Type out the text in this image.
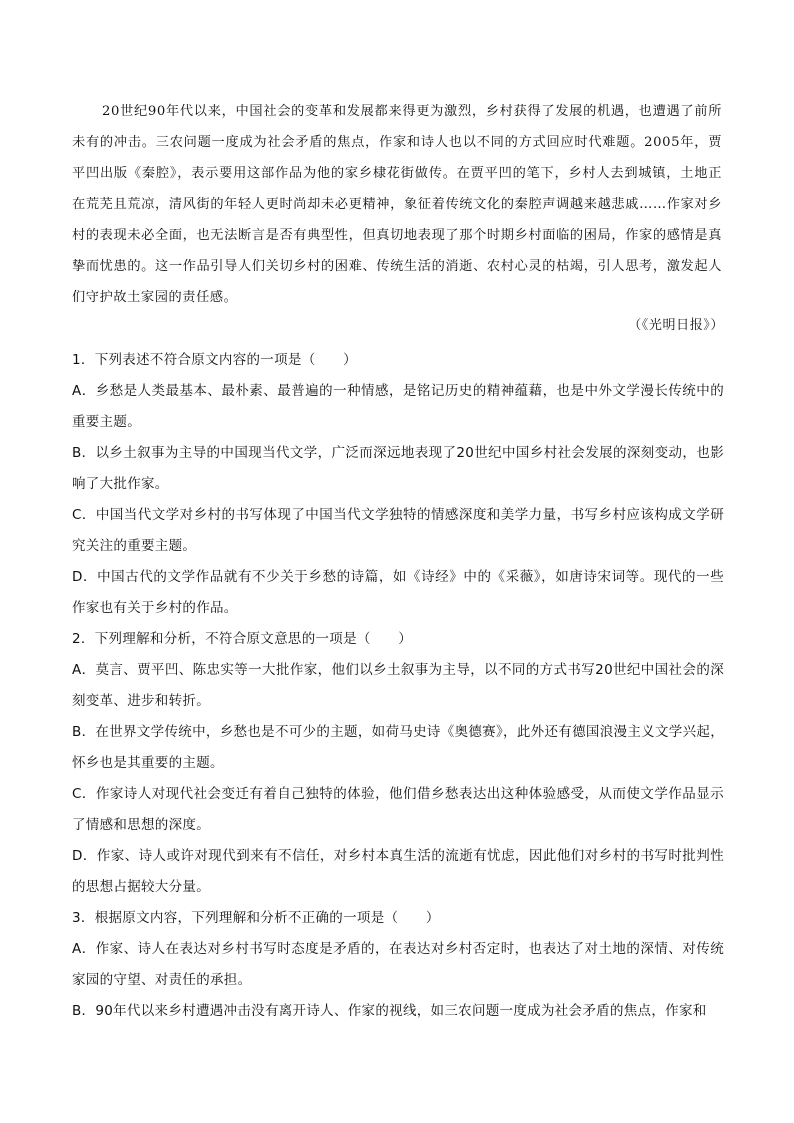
20世纪90年代以来，中国社会的变革和发展都来得更为激烈，乡村获得了发展的机遇，也遭遇了前所未有的冲击。三农问题一度成为社会矛盾的焦点，作家和诗人也以不同的方式回应时代难题。2005年，贾平凹出版《秦腔》，表示要用这部作品为他的家乡棣花街做传。在贾平凹的笔下，乡村人去到城镇，土地正在荒芜且荒凉，清风街的年轻人更时尚却未必更精神，象征着传统文化的秦腔声调越来越悲戚……作家对乡村的表现未必全面，也无法断言是否有典型性，但真切地表现了那个时期乡村面临的困局，作家的感情是真挚而忧患的。这一作品引导人们关切乡村的困难、传统生活的消逝、农村心灵的枯竭，引人思考，激发起人们守护故土家园的责任感。

（《光明日报》）

1．下列表述不符合原文内容的一项是（　　）

A．乡愁是人类最基本、最朴素、最普遍的一种情感，是铭记历史的精神蕴藉，也是中外文学漫长传统中的重要主题。

B．以乡土叙事为主导的中国现当代文学，广泛而深远地表现了20世纪中国乡村社会发展的深刻变动，也影响了大批作家。

C．中国当代文学对乡村的书写体现了中国当代文学独特的情感深度和美学力量，书写乡村应该构成文学研究关注的重要主题。

D．中国古代的文学作品就有不少关于乡愁的诗篇，如《诗经》中的《采薇》，如唐诗宋词等。现代的一些作家也有关于乡村的作品。

2．下列理解和分析，不符合原文意思的一项是（　　）

A．莫言、贾平凹、陈忠实等一大批作家，他们以乡土叙事为主导，以不同的方式书写20世纪中国社会的深刻变革、进步和转折。

B．在世界文学传统中，乡愁也是不可少的主题，如荷马史诗《奥德赛》，此外还有德国浪漫主义文学兴起，怀乡也是其重要的主题。

C．作家诗人对现代社会变迁有着自己独特的体验，他们借乡愁表达出这种体验感受，从而使文学作品显示了情感和思想的深度。

D．作家、诗人或许对现代到来有不信任，对乡村本真生活的流逝有忧虑，因此他们对乡村的书写时批判性的思想占据较大分量。

3．根据原文内容，下列理解和分析不正确的一项是（　　）

A．作家、诗人在表达对乡村书写时态度是矛盾的，在表达对乡村否定时，也表达了对土地的深情、对传统家园的守望、对责任的承担。

B．90年代以来乡村遭遇冲击没有离开诗人、作家的视线，如三农问题一度成为社会矛盾的焦点，作家和
